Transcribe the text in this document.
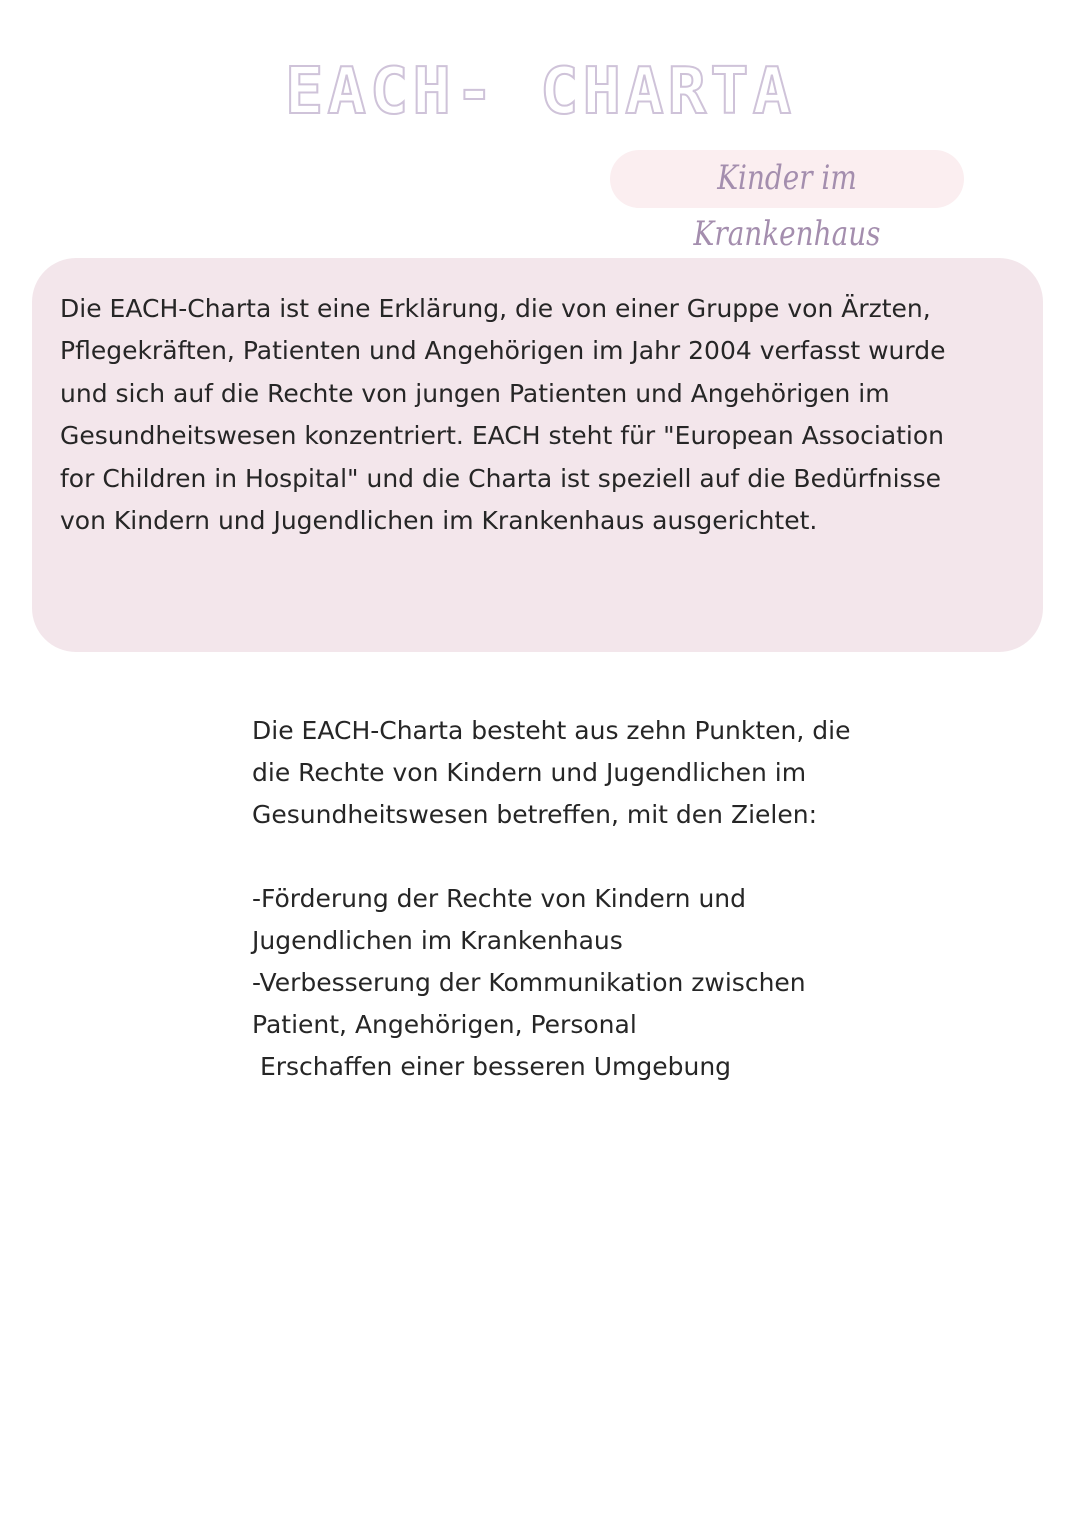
EACH- CHARTA

Kinder im Krankenhaus

Die EACH-Charta ist eine Erklärung, die von einer Gruppe von Ärzten, Pflegekräften, Patienten und Angehörigen im Jahr 2004 verfasst wurde und sich auf die Rechte von jungen Patienten und Angehörigen im Gesundheitswesen konzentriert. EACH steht für "European Association for Children in Hospital" und die Charta ist speziell auf die Bedürfnisse von Kindern und Jugendlichen im Krankenhaus ausgerichtet.

Die EACH-Charta besteht aus zehn Punkten, die die Rechte von Kindern und Jugendlichen im Gesundheitswesen betreffen, mit den Zielen:

-Förderung der Rechte von Kindern und Jugendlichen im Krankenhaus

-Verbesserung der Kommunikation zwischen Patient, Angehörigen, Personal

Erschaffen einer besseren Umgebung
